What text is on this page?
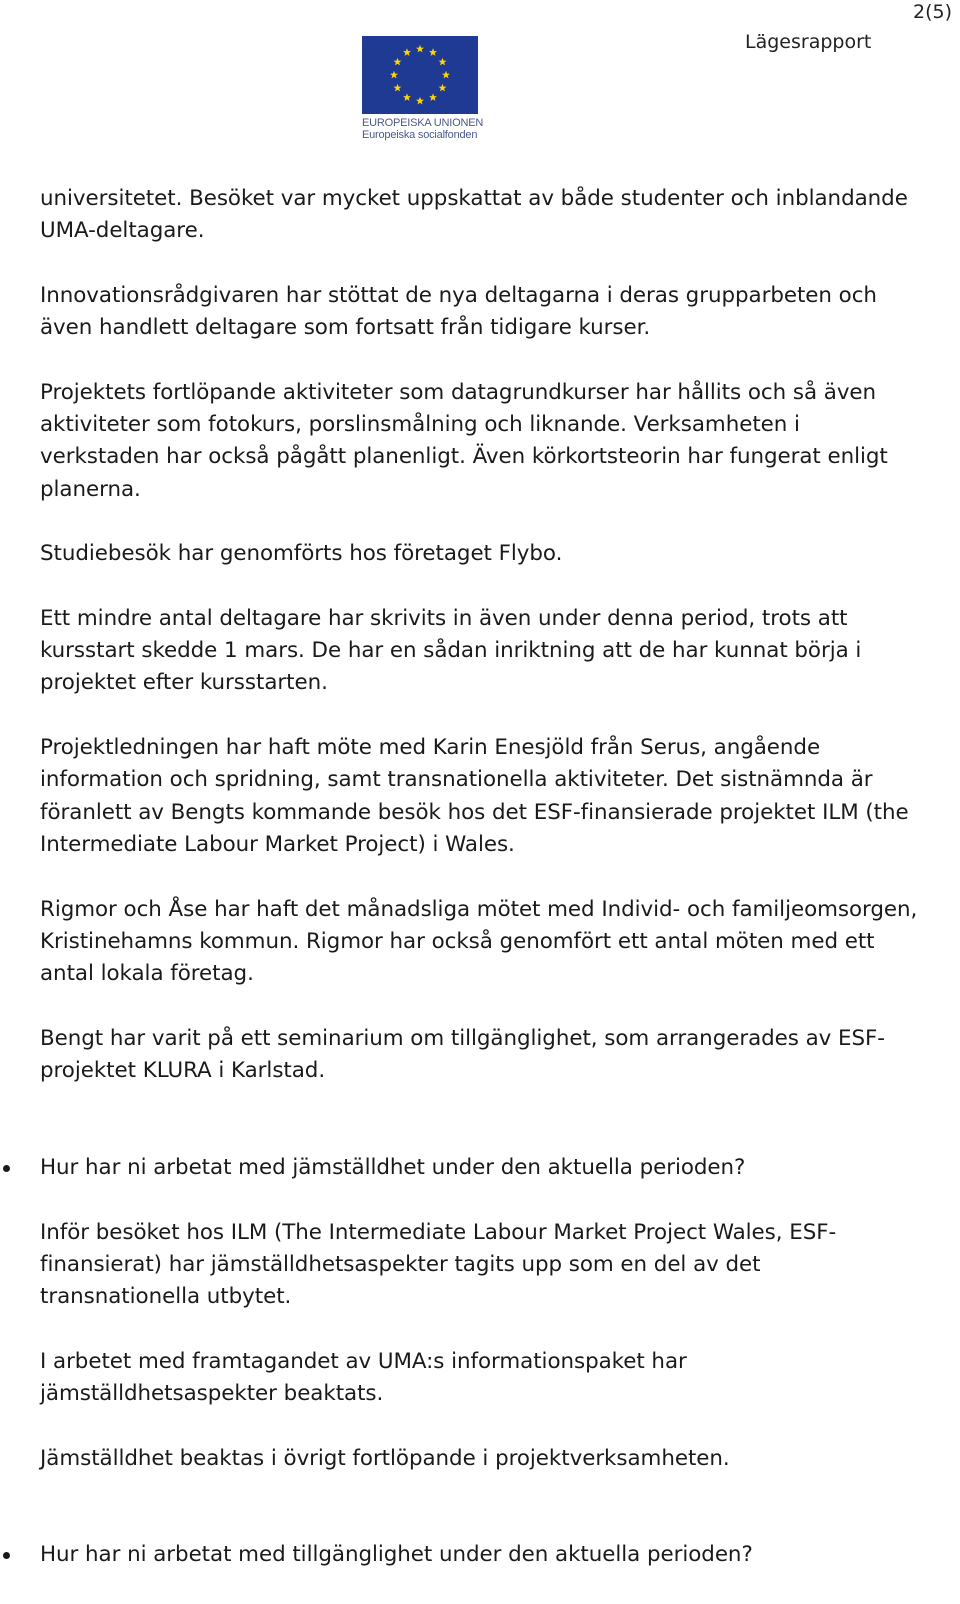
2(5)
Lägesrapport
EUROPEISKA UNIONEN
Europeiska socialfonden

universitetet. Besöket var mycket uppskattat av både studenter och inblandande UMA-deltagare.

Innovationsrådgivaren har stöttat de nya deltagarna i deras grupparbeten och även handlett deltagare som fortsatt från tidigare kurser.

Projektets fortlöpande aktiviteter som datagrundkurser har hållits och så även aktiviteter som fotokurs, porslinsmålning och liknande. Verksamheten i verkstaden har också pågått planenligt. Även körkortsteorin har fungerat enligt planerna.

Studiebesök har genomförts hos företaget Flybo.

Ett mindre antal deltagare har skrivits in även under denna period, trots att kursstart skedde 1 mars. De har en sådan inriktning att de har kunnat börja i projektet efter kursstarten.

Projektledningen har haft möte med Karin Enesjöld från Serus, angående information och spridning, samt transnationella aktiviteter. Det sistnämnda är föranlett av Bengts kommande besök hos det ESF-finansierade projektet ILM (the Intermediate Labour Market Project) i Wales.

Rigmor och Åse har haft det månadsliga mötet med Individ- och familjeomsorgen, Kristinehamns kommun. Rigmor har också genomfört ett antal möten med ett antal lokala företag.

Bengt har varit på ett seminarium om tillgänglighet, som arrangerades av ESF-projektet KLURA i Karlstad.

Hur har ni arbetat med jämställdhet under den aktuella perioden?

Inför besöket hos ILM (The Intermediate Labour Market Project Wales, ESF-finansierat) har jämställdhetsaspekter tagits upp som en del av det transnationella utbytet.

I arbetet med framtagandet av UMA:s informationspaket har jämställdhetsaspekter beaktats.

Jämställdhet beaktas i övrigt fortlöpande i projektverksamheten.

Hur har ni arbetat med tillgänglighet under den aktuella perioden?
